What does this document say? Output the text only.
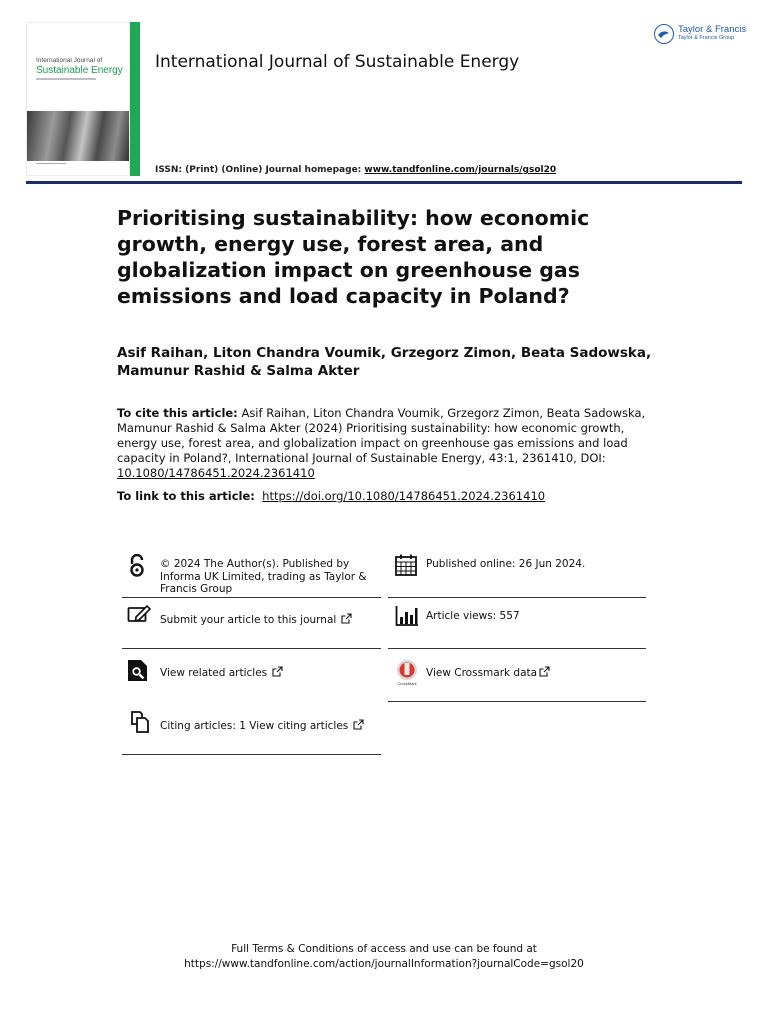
International Journal of
Sustainable Energy International Journal of Sustainable Energy
ISSN: (Print) (Online) Journal homepage: www.tandfonline.com/journals/gsol20
Taylor & Francis
Taylor & Francis Group
Prioritising sustainability: how economic growth, energy use, forest area, and globalization impact on greenhouse gas emissions and load capacity in Poland?
Asif Raihan, Liton Chandra Voumik, Grzegorz Zimon, Beata Sadowska, Mamunur Rashid & Salma Akter
To cite this article: Asif Raihan, Liton Chandra Voumik, Grzegorz Zimon, Beata Sadowska, Mamunur Rashid & Salma Akter (2024) Prioritising sustainability: how economic growth, energy use, forest area, and globalization impact on greenhouse gas emissions and load capacity in Poland?, International Journal of Sustainable Energy, 43:1, 2361410, DOI: 10.1080/14786451.2024.2361410
To link to this article: https://doi.org/10.1080/14786451.2024.2361410
© 2024 The Author(s). Published by Informa UK Limited, trading as Taylor & Francis Group
Submit your article to this journal
View related articles
Citing articles: 1 View citing articles
Published online: 26 Jun 2024.
Article views: 557
CrossMark
View Crossmark data
Full Terms & Conditions of access and use can be found at
https://www.tandfonline.com/action/journalInformation?journalCode=gsol20
